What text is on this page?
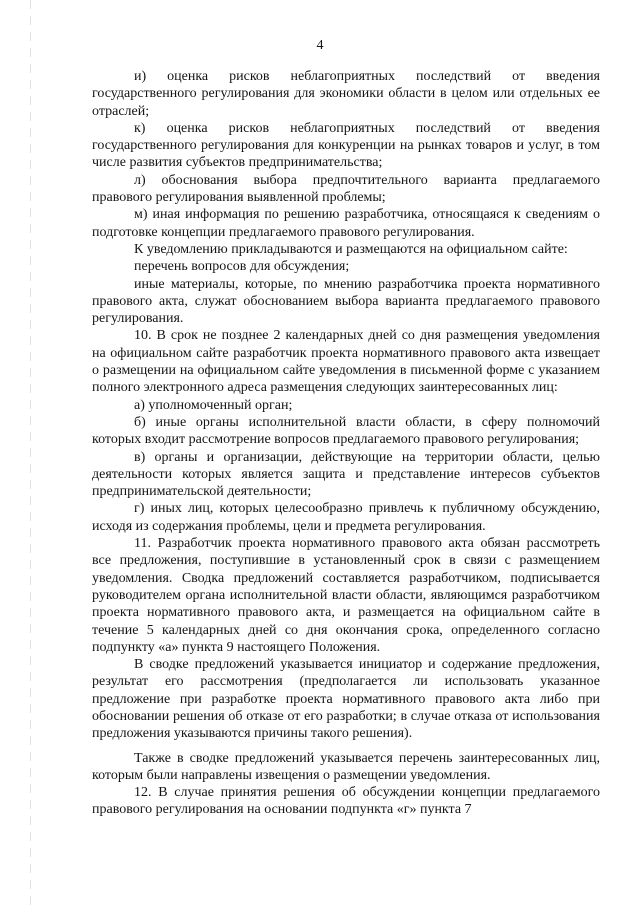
4

и) оценка рисков неблагоприятных последствий от введения государственного регулирования для экономики области в целом или отдельных ее отраслей;

к) оценка рисков неблагоприятных последствий от введения государственного регулирования для конкуренции на рынках товаров и услуг, в том числе развития субъектов предпринимательства;

л) обоснования выбора предпочтительного варианта предлагаемого правового регулирования выявленной проблемы;

м) иная информация по решению разработчика, относящаяся к сведениям о подготовке концепции предлагаемого правового регулирования.

К уведомлению прикладываются и размещаются на официальном сайте:

перечень вопросов для обсуждения;

иные материалы, которые, по мнению разработчика проекта нормативного правового акта, служат обоснованием выбора варианта предлагаемого правового регулирования.

10. В срок не позднее 2 календарных дней со дня размещения уведомления на официальном сайте разработчик проекта нормативного правового акта извещает о размещении на официальном сайте уведомления в письменной форме с указанием полного электронного адреса размещения следующих заинтересованных лиц:

а) уполномоченный орган;

б) иные органы исполнительной власти области, в сферу полномочий которых входит рассмотрение вопросов предлагаемого правового регулирования;

в) органы и организации, действующие на территории области, целью деятельности которых является защита и представление интересов субъектов предпринимательской деятельности;

г) иных лиц, которых целесообразно привлечь к публичному обсуждению, исходя из содержания проблемы, цели и предмета регулирования.

11. Разработчик проекта нормативного правового акта обязан рассмотреть все предложения, поступившие в установленный срок в связи с размещением уведомления. Сводка предложений составляется разработчиком, подписывается руководителем органа исполнительной власти области, являющимся разработчиком проекта нормативного правового акта, и размещается на официальном сайте в течение 5 календарных дней со дня окончания срока, определенного согласно подпункту «а» пункта 9 настоящего Положения.

В сводке предложений указывается инициатор и содержание предложения, результат его рассмотрения (предполагается ли использовать указанное предложение при разработке проекта нормативного правового акта либо при обосновании решения об отказе от его разработки; в случае отказа от использования предложения указываются причины такого решения).

Также в сводке предложений указывается перечень заинтересованных лиц, которым были направлены извещения о размещении уведомления.

12. В случае принятия решения об обсуждении концепции предлагаемого правового регулирования на основании подпункта «г» пункта 7
